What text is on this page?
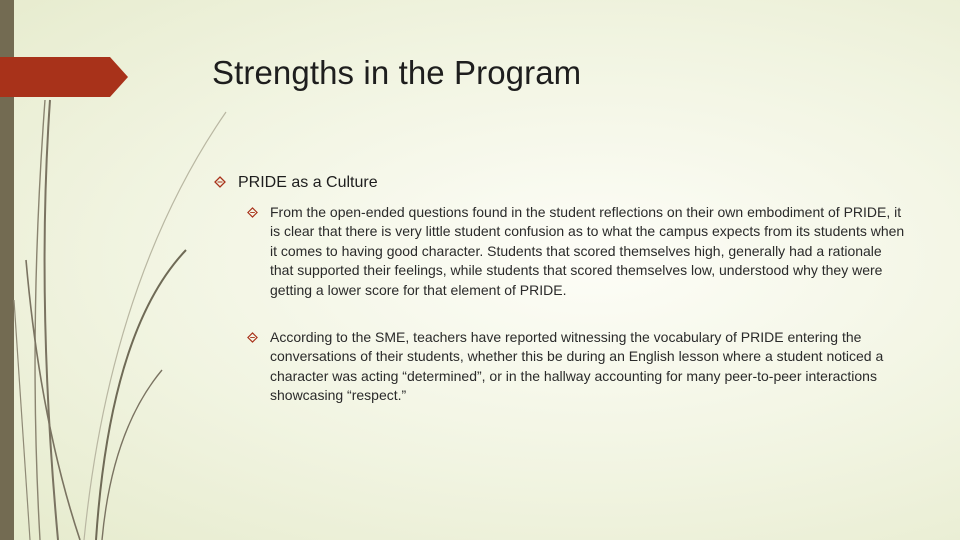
Strengths in the Program
PRIDE as a Culture
From the open-ended questions found in the student reflections on their own embodiment of PRIDE, it is clear that there is very little student confusion as to what the campus expects from its students when it comes to having good character. Students that scored themselves high, generally had a rationale that supported their feelings, while students that scored themselves low, understood why they were getting a lower score for that element of PRIDE.
According to the SME, teachers have reported witnessing the vocabulary of PRIDE entering the conversations of their students, whether this be during an English lesson where a student noticed a character was acting “determined”, or in the hallway accounting for many peer-to-peer interactions showcasing “respect.”
